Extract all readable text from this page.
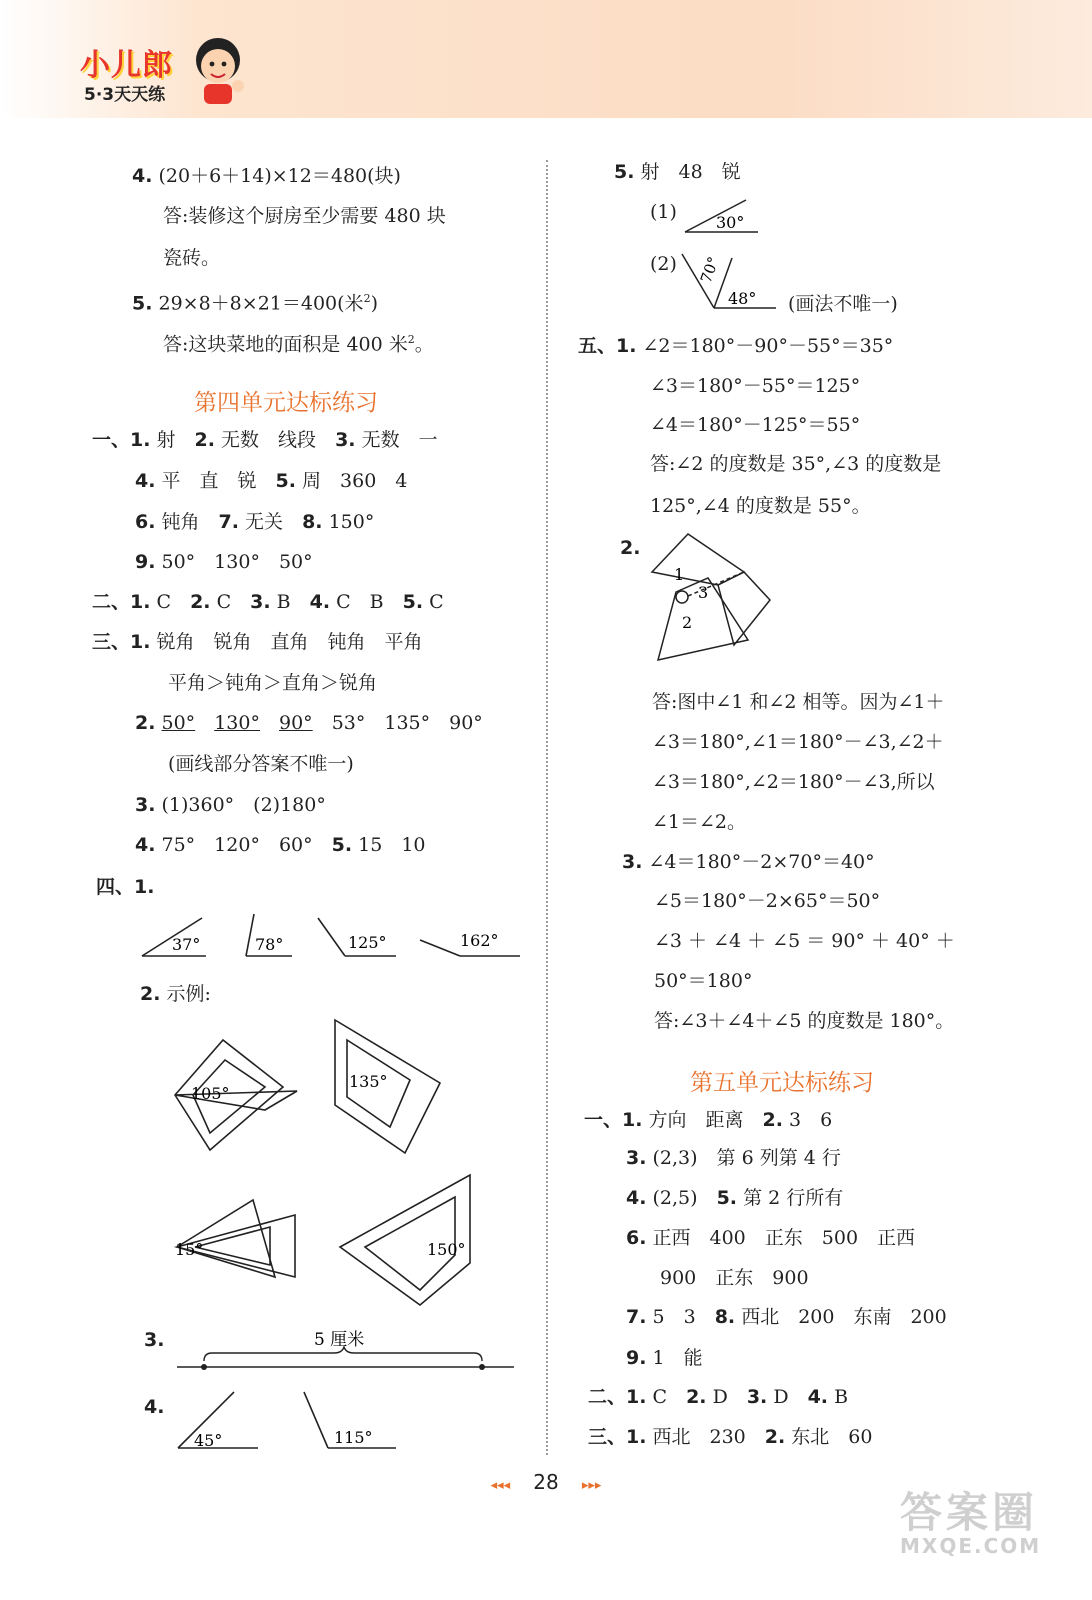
小儿郎
5·3天天练
4. (20＋6＋14)×12＝480(块)
答:装修这个厨房至少需要 480 块
瓷砖。
5. 29×8＋8×21＝400(米$^2$)
答:这块菜地的面积是 400 米$^2$。
第四单元达标练习
一、1. 射　 2. 无数　线段　 3. 无数　一
4. 平　直　锐　 5. 周　360　4
6. 钝角　 7. 无关　 8. 150°
9. 50°　130°　50°
二、1. C　 2. C　 3. B　 4. C　B　 5. C
三、1. 锐角　锐角　直角　钝角　平角
平角＞钝角＞直角＞锐角
2. 50°　 130°　 90°　 53°　135°　90°
(画线部分答案不唯一)
3. (1)360°　(2)180°
4. 75°　120°　60°　 5. 15　10
四、1.
37°	78°	125°	162°
2. 示例:
105°
135°
15°	150°
3.	5 厘米
4.
45°	115°
5. 射　48　锐
(1) 30°
(2) 70°
48° (画法不唯一)
五、1. ∠2＝180°－90°－55°＝35°
∠3＝180°－55°＝125°
∠4＝180°－125°＝55°
答:∠2 的度数是 35°,∠3 的度数是
125°,∠4 的度数是 55°。
2.
1
3
2
答:图中∠1 和∠2 相等。因为∠1＋
∠3＝180°,∠1＝180°－∠3,∠2＋
∠3＝180°,∠2＝180°－∠3,所以
∠1＝∠2。
3. ∠4＝180°－2×70°＝40°
∠5＝180°－2×65°＝50°
∠3 ＋ ∠4 ＋ ∠5 ＝ 90° ＋ 40° ＋
50°＝180°
答:∠3＋∠4＋∠5 的度数是 180°。
第五单元达标练习
一、1. 方向　距离　 2. 3　6
3. (2,3)　第 6 列第 4 行
4. (2,5)　 5. 第 2 行所有
6. 正西　400　正东　500　正西
900　正东　900
7. 5　3　 8. 西北　200　东南　200
9. 1　能
二、1. C　 2. D　 3. D　 4. B
三、1. 西北　230　 2. 东北　60
◂◂◂ 28 ▸▸▸
答案圈
MXQE.COM
